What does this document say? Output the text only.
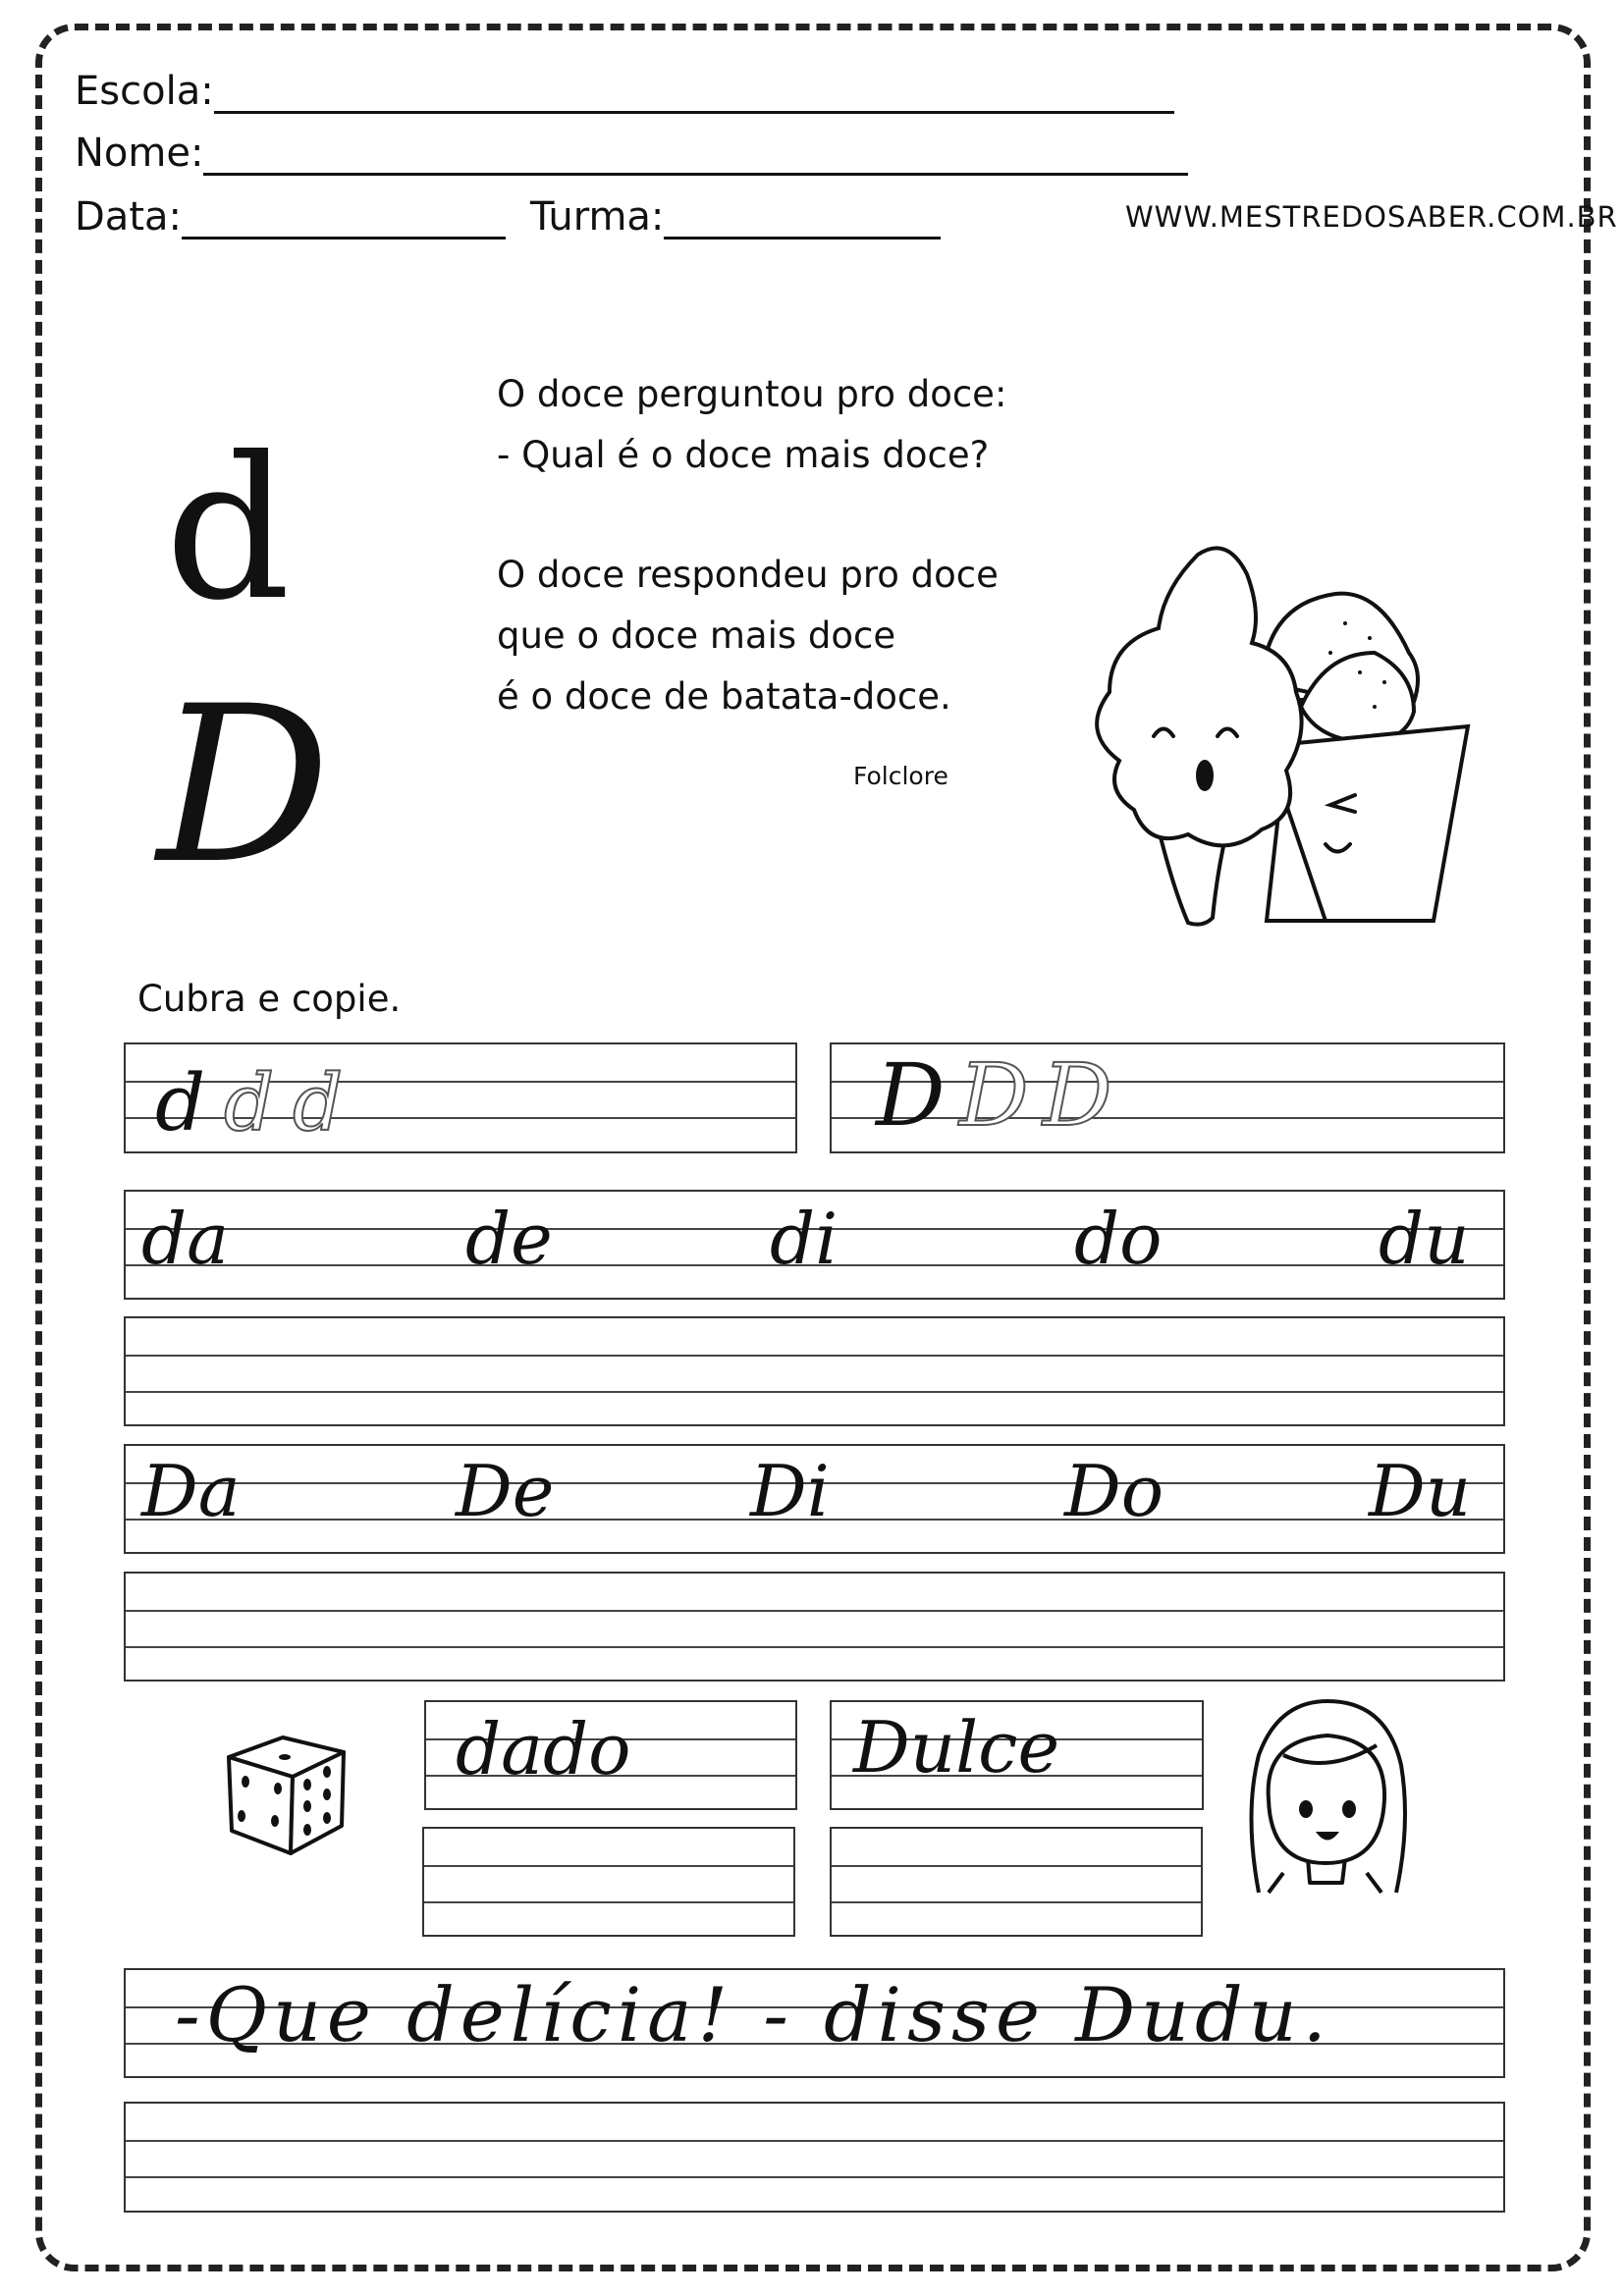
Escola:
Nome:
Data:	Turma:	WWW.MESTREDOSABER.COM.BR
d
D
O doce perguntou pro doce:
- Qual é o doce mais doce?
O doce respondeu pro doce
que o doce mais doce
é o doce de batata-doce.
Folclore
Cubra e copie.
d d d	D D D
da	de	di	do	du
Da	De	Di	Do	Du
dado	Dulce
-Que delícia! - disse Dudu.
